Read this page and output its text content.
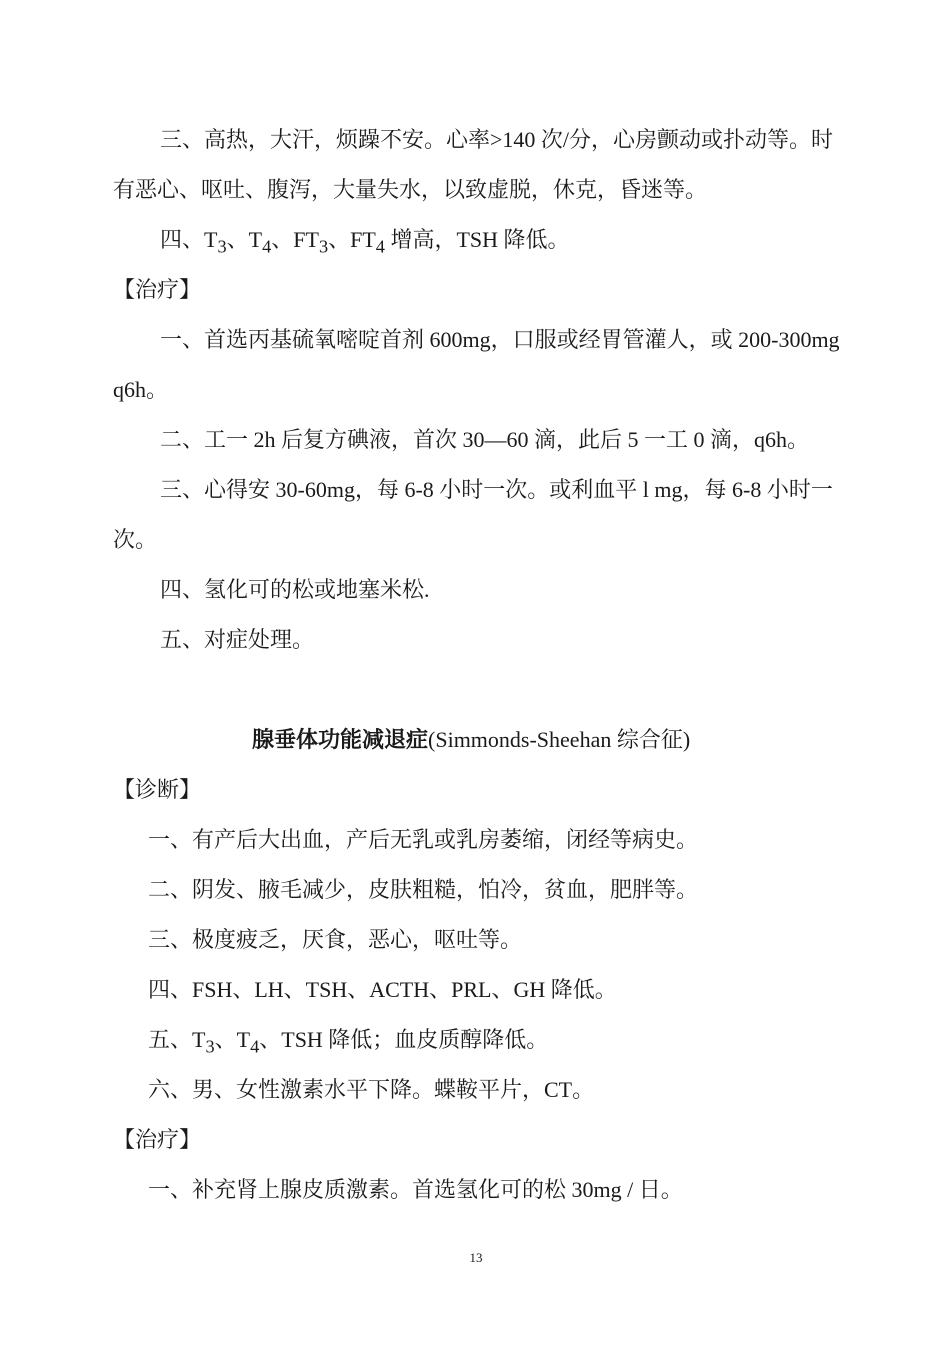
三、高热，大汗，烦躁不安。心率>140 次/分，心房颤动或扑动等。时
有恶心、呕吐、腹泻，大量失水，以致虚脱，休克，昏迷等。
四、$T_3$、$T_4$、$FT_3$、$FT_4$ 增高，TSH 降低。
【治疗】
一、首选丙基硫氧嘧啶首剂 600mg，口服或经胃管灌人，或 200-300mg
q6h。
二、工一 2h 后复方碘液，首次 30—60 滴，此后 5 一工 0 滴，q6h。
三、心得安 30-60mg，每 6-8 小时一次。或利血平 l mg，每 6-8 小时一
次。
四、氢化可的松或地塞米松.
五、对症处理。
腺垂体功能减退症(Simmonds-Sheehan 综合征)
【诊断】
一、有产后大出血，产后无乳或乳房萎缩，闭经等病史。
二、阴发、腋毛减少，皮肤粗糙，怕冷，贫血，肥胖等。
三、极度疲乏，厌食，恶心，呕吐等。
四、FSH、LH、TSH、ACTH、PRL、GH 降低。
五、$T_3$、$T_4$、TSH 降低；血皮质醇降低。
六、男、女性激素水平下降。蝶鞍平片，CT。
【治疗】
一、补充肾上腺皮质激素。首选氢化可的松 30mg / 日。
13
